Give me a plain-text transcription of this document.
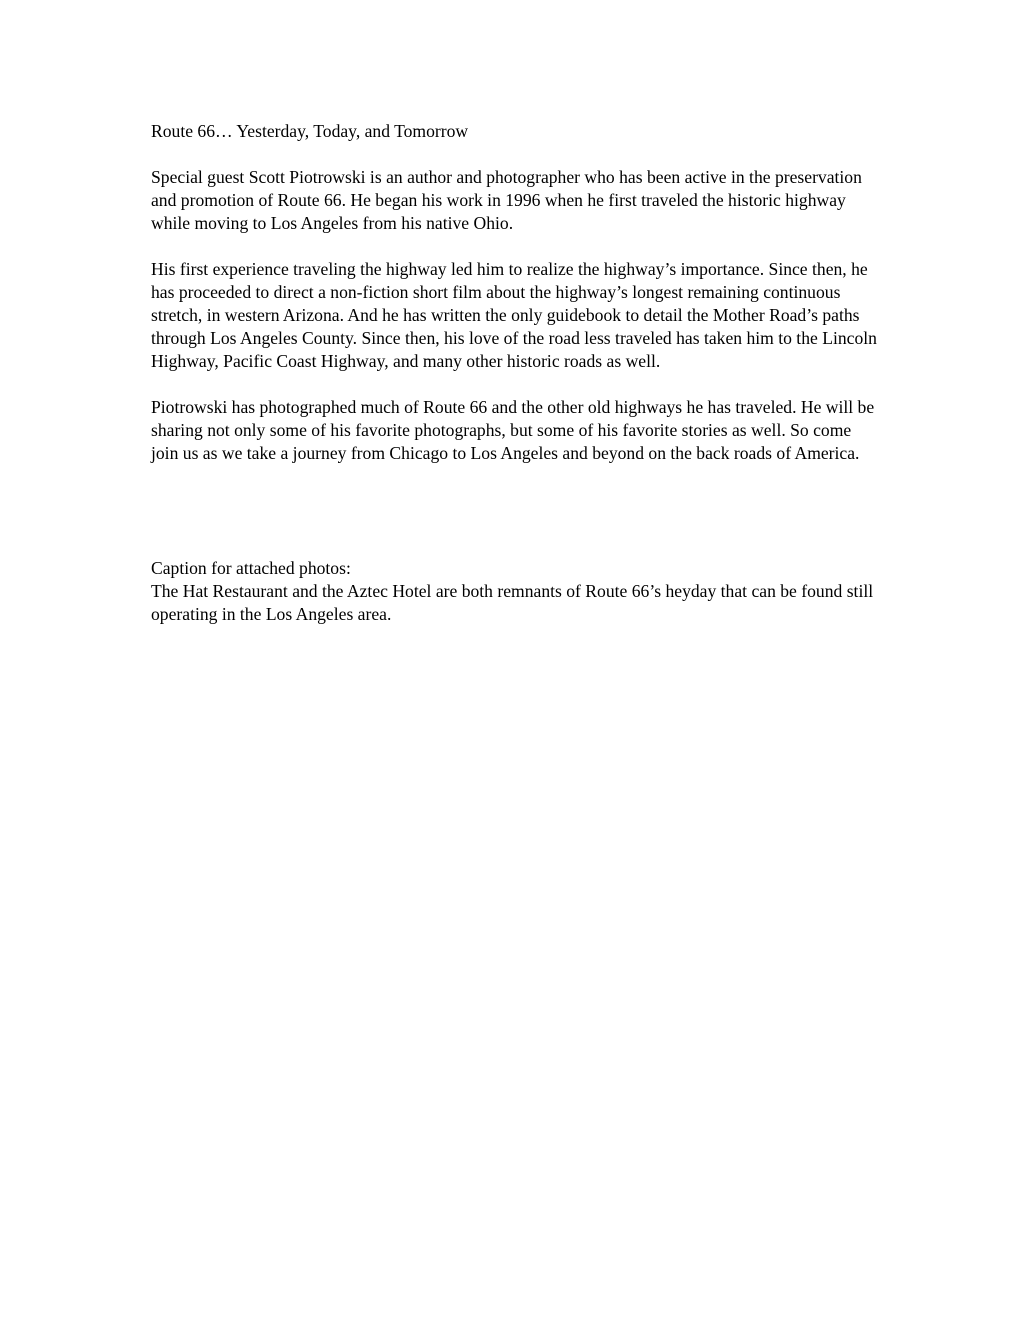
Route 66… Yesterday, Today, and Tomorrow

Special guest Scott Piotrowski is an author and photographer who has been active in the preservation and promotion of Route 66. He began his work in 1996 when he first traveled the historic highway while moving to Los Angeles from his native Ohio.

His first experience traveling the highway led him to realize the highway’s importance. Since then, he has proceeded to direct a non-fiction short film about the highway’s longest remaining continuous stretch, in western Arizona. And he has written the only guidebook to detail the Mother Road’s paths through Los Angeles County. Since then, his love of the road less traveled has taken him to the Lincoln Highway, Pacific Coast Highway, and many other historic roads as well.

Piotrowski has photographed much of Route 66 and the other old highways he has traveled. He will be sharing not only some of his favorite photographs, but some of his favorite stories as well. So come join us as we take a journey from Chicago to Los Angeles and beyond on the back roads of America.

Caption for attached photos:

The Hat Restaurant and the Aztec Hotel are both remnants of Route 66’s heyday that can be found still operating in the Los Angeles area.
